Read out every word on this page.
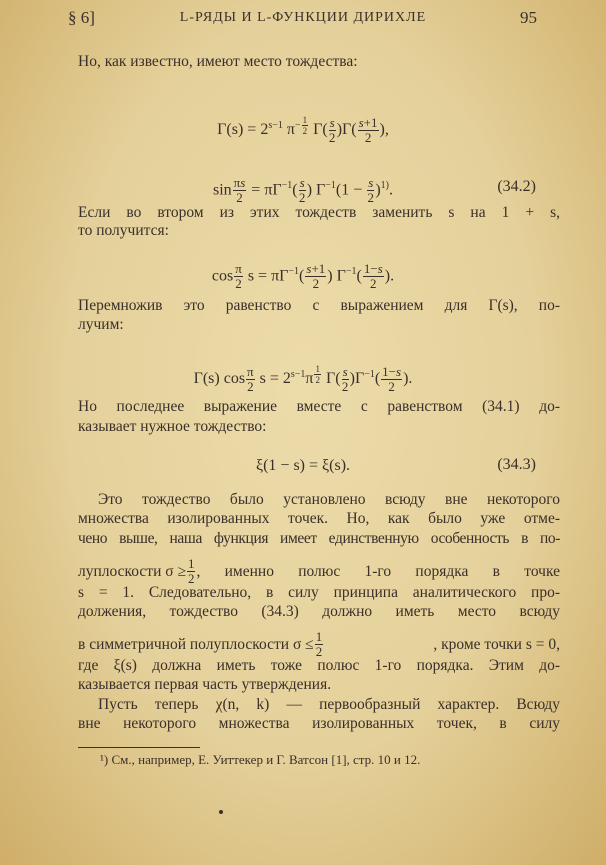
§ 6]	L-РЯДЫ И L-ФУНКЦИИ ДИРИХЛЕ	95
Но, как известно, имеют место тождества:
$\Gamma(s) = 2^{s-1}$ $\pi^{- \frac{1}{2}}$ $\Gamma( \frac{s}{2} )\Gamma( \frac{s+1}{2}$ ),
$\sin \frac{\pi s}{2} = \pi\Gamma^{-1}( \frac{s}{2}$ ) $\Gamma^{-1}(1 - \frac{s}{2} )^{1)}$.	(34.2)
Если во втором из этих тождеств заменить s на 1 + s,
то получится:
$\cos \frac{\pi}{2}$ $s = \pi\Gamma^{-1}( \frac{s+1}{2}$ ) $\Gamma^{-1}( \frac{1-s}{2}$ ).
Перемножив это равенство с выражением для Γ(s), по-
лучим:
Γ(s) $\cos \frac{\pi}{2}$ $s = 2^{s-1}\pi$ $^{\frac{1}{2}}$ $\Gamma( \frac{s}{2} )\Gamma^{-1}( \frac{1-s}{2}$ ).
Но последнее выражение вместе с равенством (34.1) до-
казывает нужное тождество:
ξ(1 − s) = ξ(s).	(34.3)
Это тождество было установлено всюду вне некоторого
множества изолированных точек. Но, как было уже отме-
чено выше, наша функция имеет единственную особенность в по-
луплоскости $\sigma \ge \frac{1}{2}$ , именно полюс 1-го порядка в точке
s = 1. Следовательно, в силу принципа аналитического про-
должения, тождество (34.3) должно иметь место всюду
в симметричной полуплоскости $\sigma \le \frac{1}{2}$	, кроме точки s = 0,
где ξ(s) должна иметь тоже полюс 1-го порядка. Этим до-
казывается первая часть утверждения.
Пусть теперь χ(n, k) — первообразный характер. Всюду
вне некоторого множества изолированных точек, в силу
¹) См., например, Е. Уиттекер и Г. Ватсон [1], стр. 10 и 12.
